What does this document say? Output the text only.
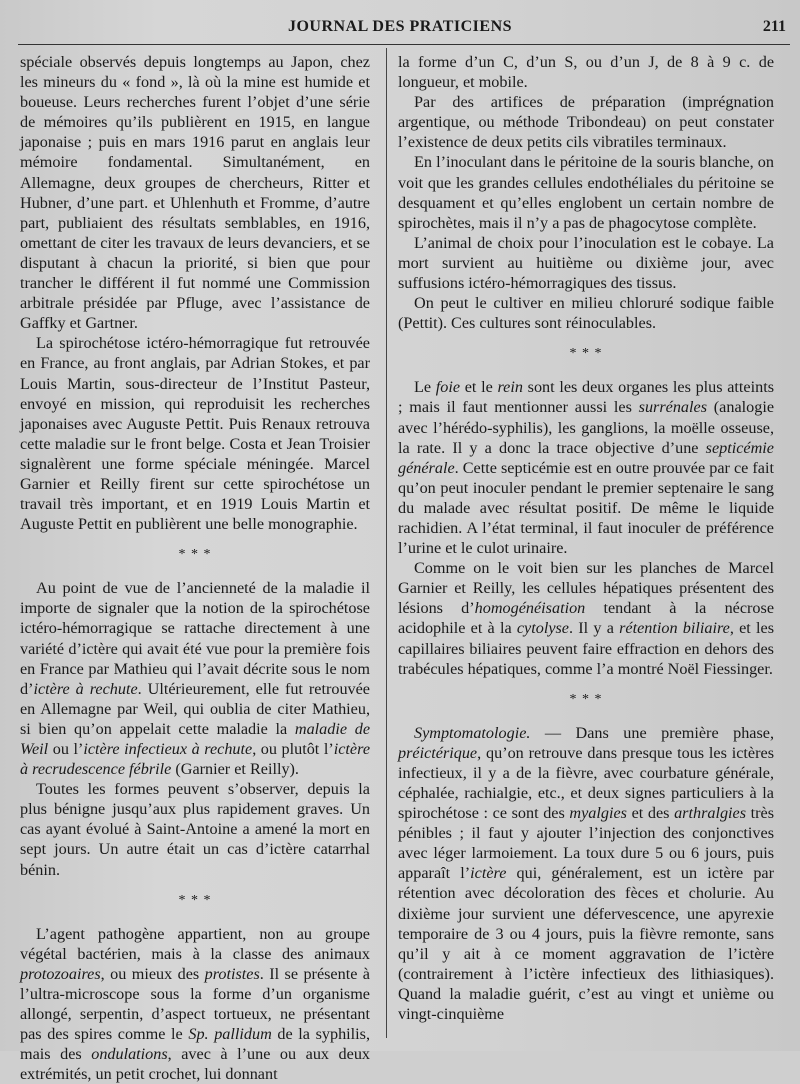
JOURNAL DES PRATICIENS	211

spéciale observés depuis longtemps au Japon, chez les mineurs du « fond », là où la mine est humide et boueuse. Leurs recherches furent l’objet d’une série de mémoires qu’ils publièrent en 1915, en langue japonaise ; puis en mars 1916 parut en anglais leur mémoire fondamental. Simultanément, en Allemagne, deux groupes de chercheurs, Ritter et Hubner, d’une part. et Uhlenhuth et Fromme, d’autre part, publiaient des résultats semblables, en 1916, omettant de citer les travaux de leurs devanciers, et se disputant à chacun la priorité, si bien que pour trancher le différent il fut nommé une Commission arbitrale présidée par Pfluge, avec l’assistance de Gaffky et Gartner.

La spirochétose ictéro-hémorragique fut retrouvée en France, au front anglais, par Adrian Stokes, et par Louis Martin, sous-directeur de l’Institut Pasteur, envoyé en mission, qui reproduisit les recherches japonaises avec Auguste Pettit. Puis Renaux retrouva cette maladie sur le front belge. Costa et Jean Troisier signalèrent une forme spéciale méningée. Marcel Garnier et Reilly firent sur cette spirochétose un travail très important, et en 1919 Louis Martin et Auguste Pettit en publièrent une belle monographie.

* * *

Au point de vue de l’ancienneté de la maladie il importe de signaler que la notion de la spirochétose ictéro-hémorragique se rattache directement à une variété d’ictère qui avait été vue pour la première fois en France par Mathieu qui l’avait décrite sous le nom d’ictère à rechute. Ultérieurement, elle fut retrouvée en Allemagne par Weil, qui oublia de citer Mathieu, si bien qu’on appelait cette maladie la maladie de Weil ou l’ictère infectieux à rechute, ou plutôt l’ictère à recrudescence fébrile (Garnier et Reilly).

Toutes les formes peuvent s’observer, depuis la plus bénigne jusqu’aux plus rapidement graves. Un cas ayant évolué à Saint-Antoine a amené la mort en sept jours. Un autre était un cas d’ictère catarrhal bénin.

* * *

L’agent pathogène appartient, non au groupe végétal bactérien, mais à la classe des animaux protozoaires, ou mieux des protistes. Il se présente à l’ultra-microscope sous la forme d’un organisme allongé, serpentin, d’aspect tortueux, ne présentant pas des spires comme le Sp. pallidum de la syphilis, mais des ondulations, avec à l’une ou aux deux extrémités, un petit crochet, lui donnant

la forme d’un C, d’un S, ou d’un J, de 8 à 9 c. de longueur, et mobile.

Par des artifices de préparation (imprégnation argentique, ou méthode Tribondeau) on peut constater l’existence de deux petits cils vibratiles terminaux.

En l’inoculant dans le péritoine de la souris blanche, on voit que les grandes cellules endothéliales du péritoine se desquament et qu’elles englobent un certain nombre de spirochètes, mais il n’y a pas de phagocytose complète.

L’animal de choix pour l’inoculation est le cobaye. La mort survient au huitième ou dixième jour, avec suffusions ictéro-hémorragiques des tissus.

On peut le cultiver en milieu chloruré sodique faible (Pettit). Ces cultures sont réinoculables.

* * *

Le foie et le rein sont les deux organes les plus atteints ; mais il faut mentionner aussi les surrénales (analogie avec l’hérédo-syphilis), les ganglions, la moëlle osseuse, la rate. Il y a donc la trace objective d’une septicémie générale. Cette septicémie est en outre prouvée par ce fait qu’on peut inoculer pendant le premier septenaire le sang du malade avec résultat positif. De même le liquide rachidien. A l’état terminal, il faut inoculer de préférence l’urine et le culot urinaire.

Comme on le voit bien sur les planches de Marcel Garnier et Reilly, les cellules hépatiques présentent des lésions d’homogénéisation tendant à la nécrose acidophile et à la cytolyse. Il y a rétention biliaire, et les capillaires biliaires peuvent faire effraction en dehors des trabécules hépatiques, comme l’a montré Noël Fiessinger.

* * *

Symptomatologie. — Dans une première phase, préictérique, qu’on retrouve dans presque tous les ictères infectieux, il y a de la fièvre, avec courbature générale, céphalée, rachialgie, etc., et deux signes particuliers à la spirochétose : ce sont des myalgies et des arthralgies très pénibles ; il faut y ajouter l’injection des conjonctives avec léger larmoiement. La toux dure 5 ou 6 jours, puis apparaît l’ictère qui, généralement, est un ictère par rétention avec décoloration des fèces et cholurie. Au dixième jour survient une défervescence, une apyrexie temporaire de 3 ou 4 jours, puis la fièvre remonte, sans qu’il y ait à ce moment aggravation de l’ictère (contrairement à l’ictère infectieux des lithiasiques). Quand la maladie guérit, c’est au vingt et unième ou vingt-cinquième
